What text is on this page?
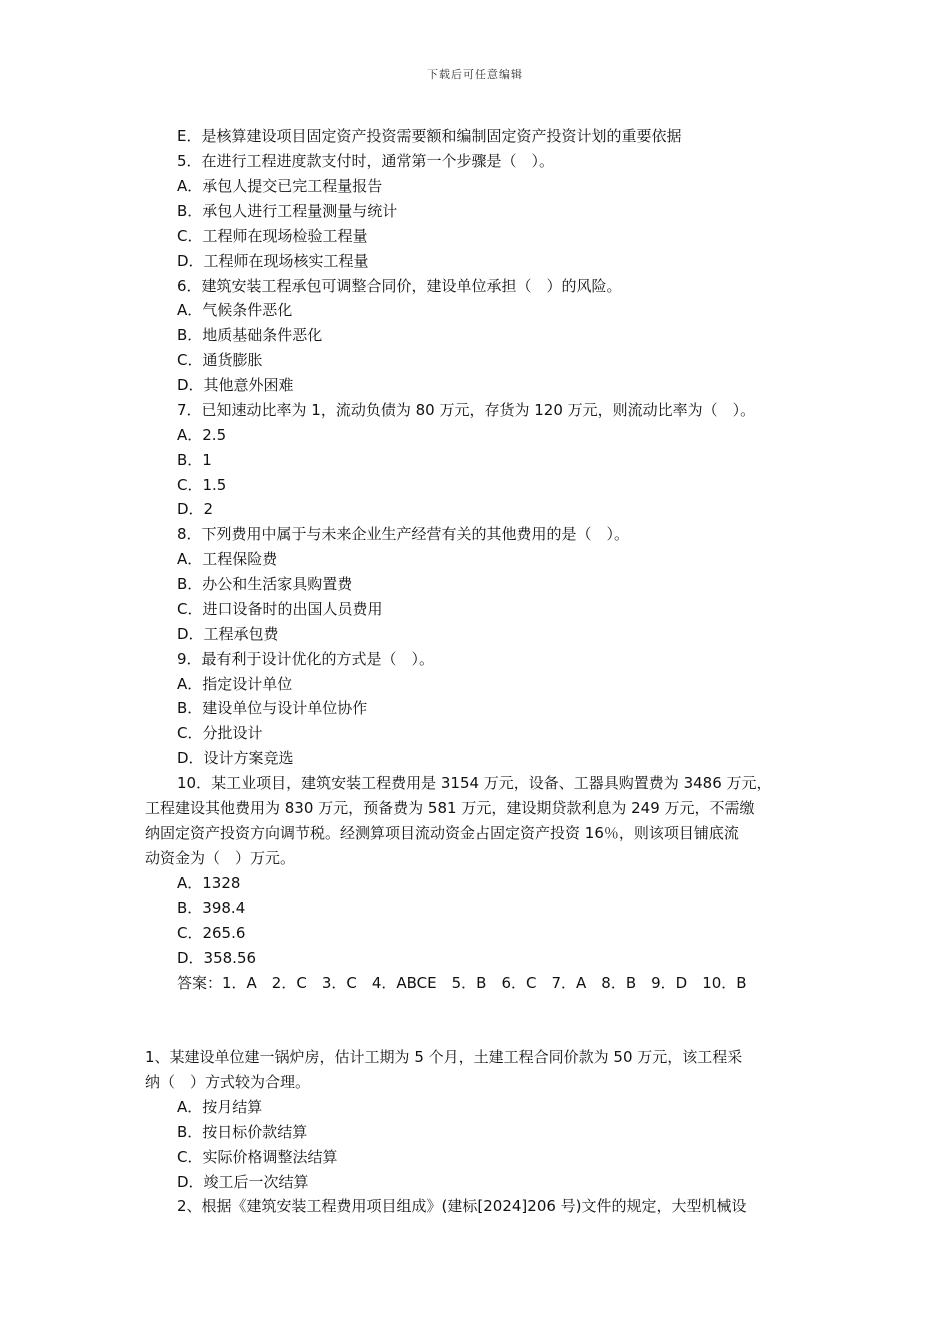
下载后可任意编辑
E．是核算建设项目固定资产投资需要额和编制固定资产投资计划的重要依据
5．在进行工程进度款支付时，通常第一个步骤是（　）。
A．承包人提交已完工程量报告
B．承包人进行工程量测量与统计
C．工程师在现场检验工程量
D．工程师在现场核实工程量
6．建筑安装工程承包可调整合同价，建设单位承担（　）的风险。
A．气候条件恶化
B．地质基础条件恶化
C．通货膨胀
D．其他意外困难
7．已知速动比率为 1，流动负债为 80 万元，存货为 120 万元，则流动比率为（　）。
A．2.5
B．1
C．1.5
D．2
8．下列费用中属于与未来企业生产经营有关的其他费用的是（　）。
A．工程保险费
B．办公和生活家具购置费
C．进口设备时的出国人员费用
D．工程承包费
9．最有利于设计优化的方式是（　）。
A．指定设计单位
B．建设单位与设计单位协作
C．分批设计
D．设计方案竞选
10．某工业项目，建筑安装工程费用是 3154 万元，设备、工器具购置费为 3486 万元，
工程建设其他费用为 830 万元，预备费为 581 万元，建设期贷款利息为 249 万元，不需缴
纳固定资产投资方向调节税。经测算项目流动资金占固定资产投资 16％，则该项目铺底流
动资金为（　）万元。
A．1328
B．398.4
C．265.6
D．358.56
答案：1．A　2．C　3．C　4．ABCE　5．B　6．C　7．A　8．B　9．D　10．B
1、某建设单位建一锅炉房，估计工期为 5 个月，土建工程合同价款为 50 万元，该工程采
纳（　）方式较为合理。
A．按月结算
B．按日标价款结算
C．实际价格调整法结算
D．竣工后一次结算
2、根据《建筑安装工程费用项目组成》(建标[2024]206 号)文件的规定，大型机械设
